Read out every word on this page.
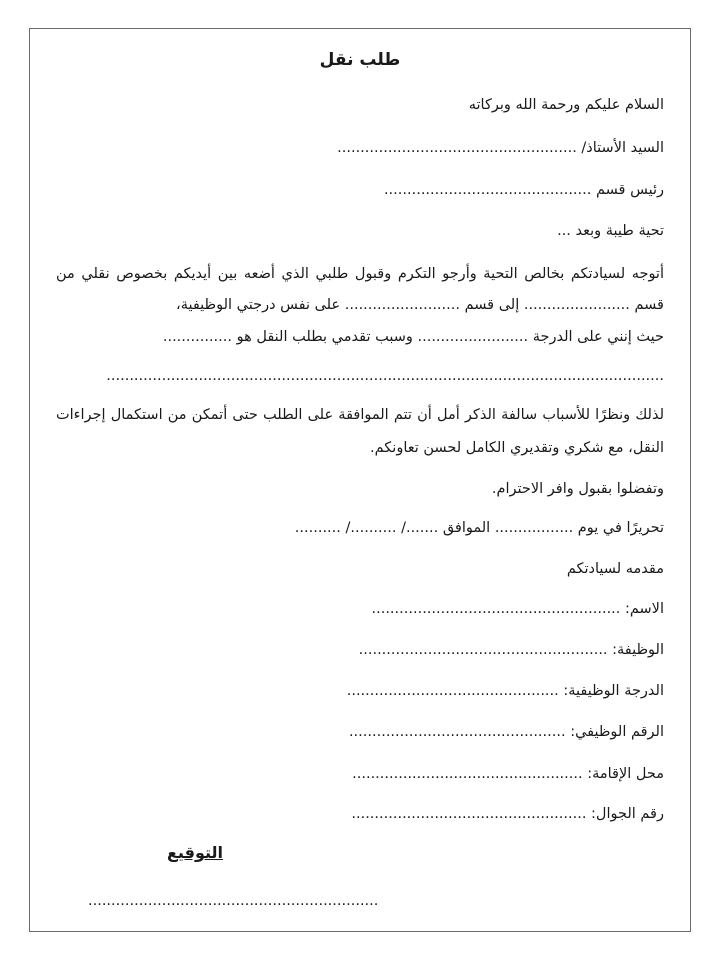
طلب نقل
السلام عليكم ورحمة الله وبركاته
السيد الأستاذ/ ....................................................
رئيس قسم .............................................
تحية طيبة وبعد ...
أتوجه لسيادتكم بخالص التحية وأرجو التكرم وقبول طلبي الذي أضعه بين أيديكم بخصوص نقلي من
قسم ....................... إلى قسم ......................... على نفس درجتي الوظيفية،
حيث إنني على الدرجة ........................ وسبب تقدمي بطلب النقل هو ...............
.........................................................................................................................
لذلك ونظرًا للأسباب سالفة الذكر أمل أن تتم الموافقة على الطلب حتى أتمكن من استكمال إجراءات
النقل، مع شكري وتقديري الكامل لحسن تعاونكم.
وتفضلوا بقبول وافر الاحترام.
تحريرًا في يوم ................. الموافق ......./ ........../ ..........
مقدمه لسيادتكم
الاسم: ......................................................
الوظيفة: ......................................................
الدرجة الوظيفية: ..............................................
الرقم الوظيفي: ...............................................
محل الإقامة: ..................................................
رقم الجوال: ...................................................
التوقيع
...............................................................
